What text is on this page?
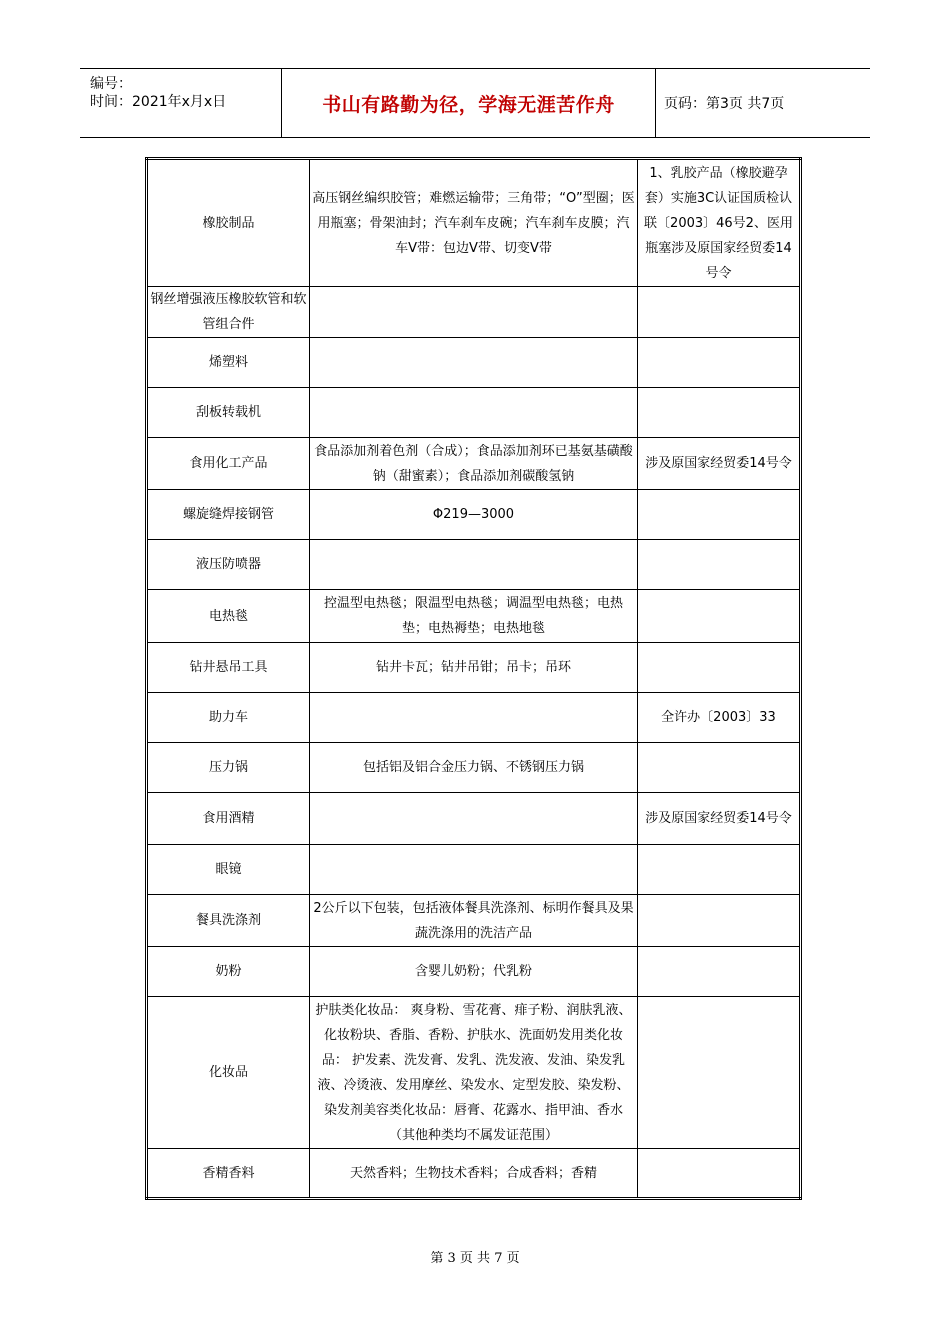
编号：
时间：2021年x月x日	书山有路勤为径，学海无涯苦作舟	页码：第3页 共7页
橡胶制品	高压钢丝编织胶管；难燃运输带；三角带；“O”型圈；医用瓶塞；骨架油封；汽车刹车皮碗；汽车刹车皮膜；汽车V带：包边V带、切变V带	1、乳胶产品（橡胶避孕套）实施3C认证国质检认联〔2003〕46号2、医用瓶塞涉及原国家经贸委14号令
钢丝增强液压橡胶软管和软管组合件		
烯塑料		
刮板转载机		
食用化工产品	食品添加剂着色剂（合成）；食品添加剂环已基氨基磺酸钠（甜蜜素）；食品添加剂碳酸氢钠	涉及原国家经贸委14号令
螺旋缝焊接钢管	Φ219—3000	
液压防喷器		
电热毯	控温型电热毯；限温型电热毯；调温型电热毯；电热垫；电热褥垫；电热地毯	
钻井悬吊工具	钻井卡瓦；钻井吊钳；吊卡；吊环	
助力车		全许办〔2003〕33
压力锅	包括铝及铝合金压力锅、不锈钢压力锅	
食用酒精		涉及原国家经贸委14号令
眼镜		
餐具洗涤剂	2公斤以下包装，包括液体餐具洗涤剂、标明作餐具及果蔬洗涤用的洗洁产品	
奶粉	含婴儿奶粉；代乳粉	
化妆品	护肤类化妆品： 爽身粉、雪花膏、痱子粉、润肤乳液、化妆粉块、香脂、香粉、护肤水、洗面奶发用类化妆品： 护发素、洗发膏、发乳、洗发液、发油、染发乳液、冷烫液、发用摩丝、染发水、定型发胶、染发粉、染发剂美容类化妆品：唇膏、花露水、指甲油、香水（其他种类均不属发证范围）	
香精香料	天然香料；生物技术香料；合成香料；香精	
第 3 页 共 7 页
